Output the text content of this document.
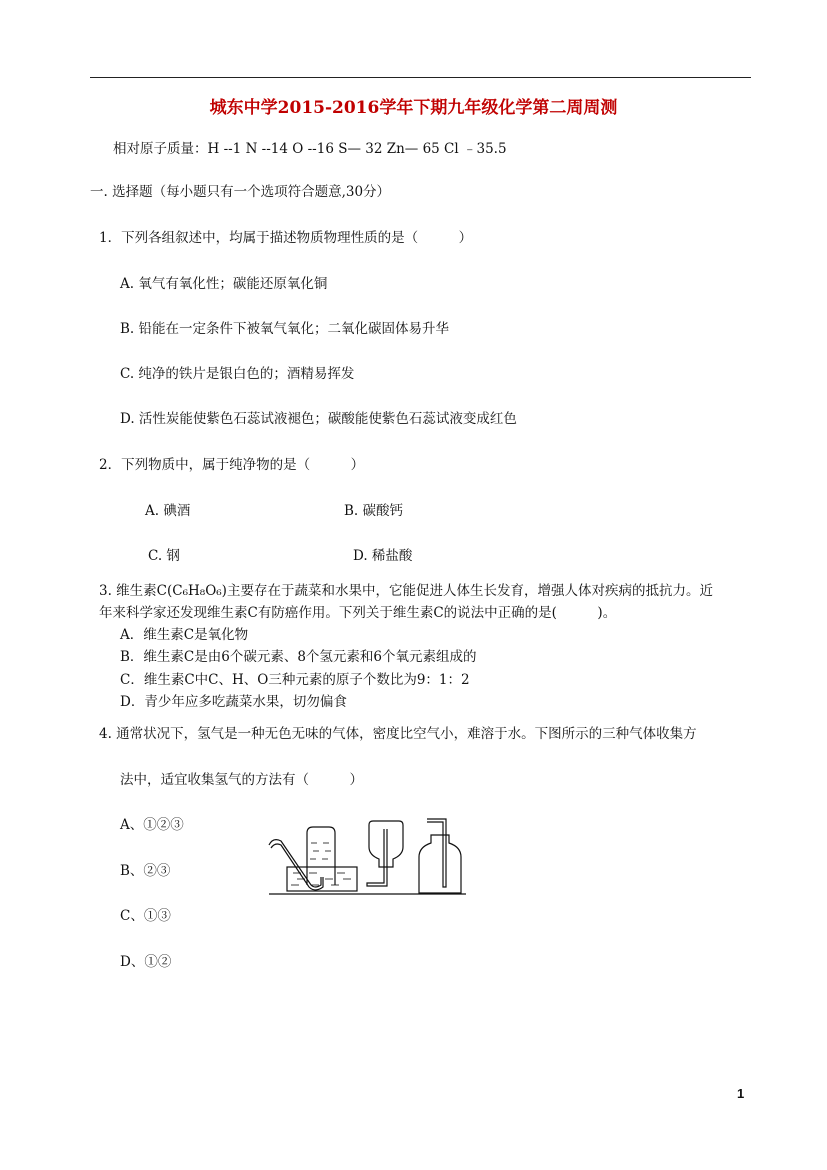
城东中学2015-2016学年下期九年级化学第二周周测
相对原子质量：H --1 N --14 O --16 S— 32 Zn— 65 Cl ﹣35.5
一. 选择题（每小题只有一个选项符合题意,30分）
1．下列各组叙述中，均属于描述物质物理性质的是（　　　）
A. 氧气有氧化性；碳能还原氧化铜
B. 铅能在一定条件下被氧气氧化；二氧化碳固体易升华
C. 纯净的铁片是银白色的；酒精易挥发
D. 活性炭能使紫色石蕊试液褪色；碳酸能使紫色石蕊试液变成红色
2．下列物质中，属于纯净物的是（　　　）
A. 碘酒	B. 碳酸钙
C. 钢	D. 稀盐酸
3. 维生素C(C₆H₈O₆)主要存在于蔬菜和水果中，它能促进人体生长发育，增强人体对疾病的抵抗力。近
年来科学家还发现维生素C有防癌作用。下列关于维生素C的说法中正确的是(　　　)。
A．维生素C是氧化物
B．维生素C是由6个碳元素、8个氢元素和6个氧元素组成的
C．维生素C中C、H、O三种元素的原子个数比为9：1：2
D．青少年应多吃蔬菜水果，切勿偏食
4. 通常状况下，氢气是一种无色无味的气体，密度比空气小，难溶于水。下图所示的三种气体收集方
法中，适宜收集氢气的方法有（　　　）
A、①②③
B、②③
C、①③
D、①②
1
